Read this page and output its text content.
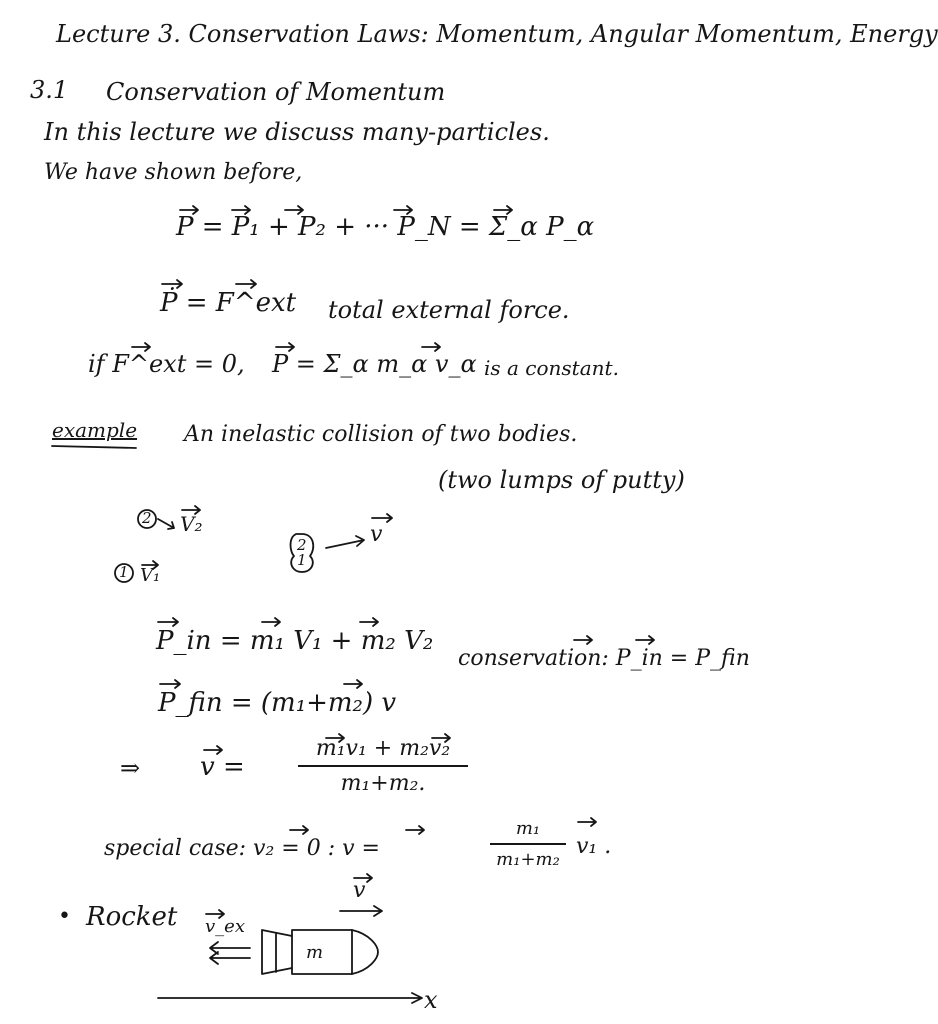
Lecture 3. Conservation Laws: Momentum, Angular Momentum, Energy
3.1 Conservation of Momentum
In this lecture we discuss many-particles.
We have shown before,
P = P₁ + P₂ + ··· P_N = Σ_α P_α
Ṗ = F^ext total external force.
if F^ext = 0, P = Σ_α m_α v_α is a constant.
example An inelastic collision of two bodies.
(two lumps of putty)
2 V₂
1 V₁
2
1
v
P_in = m₁ V₁ + m₂ V₂
conservation: P_in = P_fin
P_fin = (m₁+m₂) v
⇒ v =
m₁v₁ + m₂v₂
m₁+m₂.
special case: v₂ = 0 : v =
m₁
m₁+m₂
v₁ .
• Rocket v_ex
v
m
x
